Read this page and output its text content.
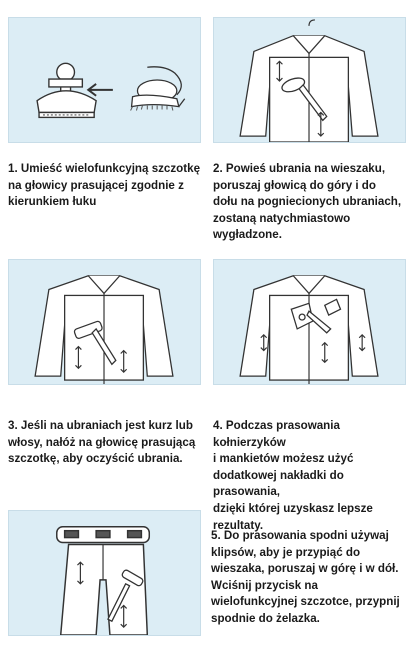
1. Umieść wielofunkcyjną szczotkę
na głowicy prasującej zgodnie z
kierunkiem łuku

2. Powieś ubrania na wieszaku,
poruszaj głowicą do góry i do
dołu na pogniecionych ubraniach,
zostaną natychmiastowo
wygładzone.

3. Jeśli na ubraniach jest kurz lub
włosy, nałóż na głowicę prasującą
szczotkę, aby oczyścić ubrania.

4. Podczas prasowania kołnierzyków
i mankietów możesz użyć
dodatkowej nakładki do prasowania,
dzięki której uzyskasz lepsze
rezultaty.

5. Do prasowania spodni używaj
klipsów, aby je przypiąć do
wieszaka, poruszaj w górę i w dół.
Wciśnij przycisk na
wielofunkcyjnej szczotce, przypnij
spodnie do żelazka.
